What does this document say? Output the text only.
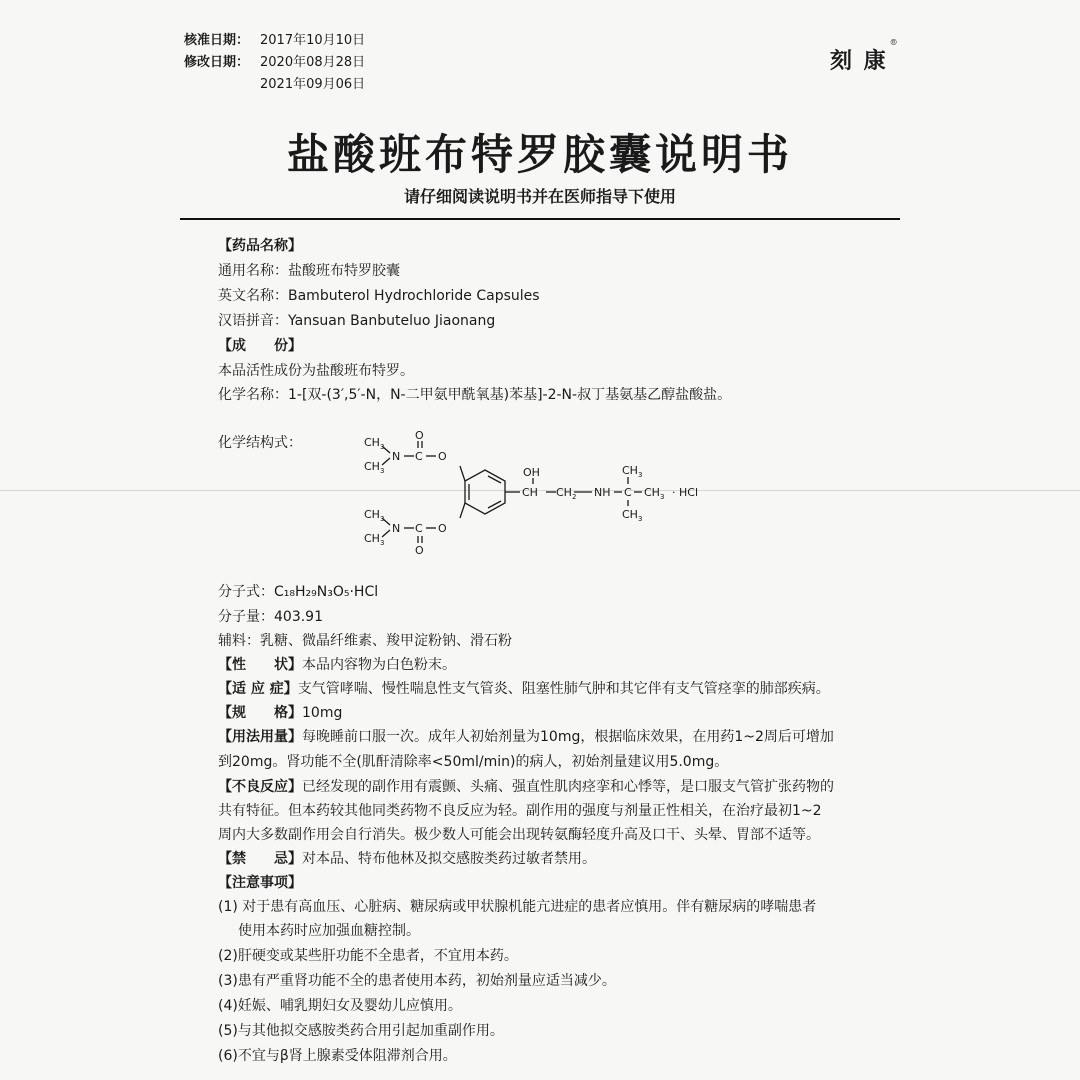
核准日期： 2017年10月10日
修改日期： 2020年08月28日
2021年09月06日
刻 康®
盐酸班布特罗胶囊说明书
请仔细阅读说明书并在医师指导下使用
【药品名称】
通用名称：盐酸班布特罗胶囊
英文名称：Bambuterol Hydrochloride Capsules
汉语拼音：Yansuan Banbuteluo Jiaonang
【成　　份】
本品活性成份为盐酸班布特罗。
化学名称：1-[双-(3′,5′-N，N-二甲氨甲酰氧基)苯基]-2-N-叔丁基氨基乙醇盐酸盐。
化学结构式：	$CH_3$
$CH_3$
N C
O
O
$CH_3$
$CH_3$
N C
O
O
OH
CH $CH_2$ NH C
$CH_3$
$CH_3$
$CH_3$
· HCl
分子式：C₁₈H₂₉N₃O₅·HCl
分子量：403.91
辅料：乳糖、微晶纤维素、羧甲淀粉钠、滑石粉
【性　　状】本品内容物为白色粉末。
【适 应 症】支气管哮喘、慢性喘息性支气管炎、阻塞性肺气肿和其它伴有支气管痉挛的肺部疾病。
【规　　格】10mg
【用法用量】每晚睡前口服一次。成年人初始剂量为10mg，根据临床效果，在用药1~2周后可增加
到20mg。肾功能不全(肌酐清除率<50ml/min)的病人，初始剂量建议用5.0mg。
【不良反应】已经发现的副作用有震颤、头痛、强直性肌肉痉挛和心悸等，是口服支气管扩张药物的
共有特征。但本药较其他同类药物不良反应为轻。副作用的强度与剂量正性相关，在治疗最初1~2
周内大多数副作用会自行消失。极少数人可能会出现转氨酶轻度升高及口干、头晕、胃部不适等。
【禁　　忌】对本品、特布他林及拟交感胺类药过敏者禁用。
【注意事项】
(1) 对于患有高血压、心脏病、糖尿病或甲状腺机能亢进症的患者应慎用。伴有糖尿病的哮喘患者
使用本药时应加强血糖控制。
(2)肝硬变或某些肝功能不全患者，不宜用本药。
(3)患有严重肾功能不全的患者使用本药，初始剂量应适当减少。
(4)妊娠、哺乳期妇女及婴幼儿应慎用。
(5)与其他拟交感胺类药合用引起加重副作用。
(6)不宜与β肾上腺素受体阻滞剂合用。
